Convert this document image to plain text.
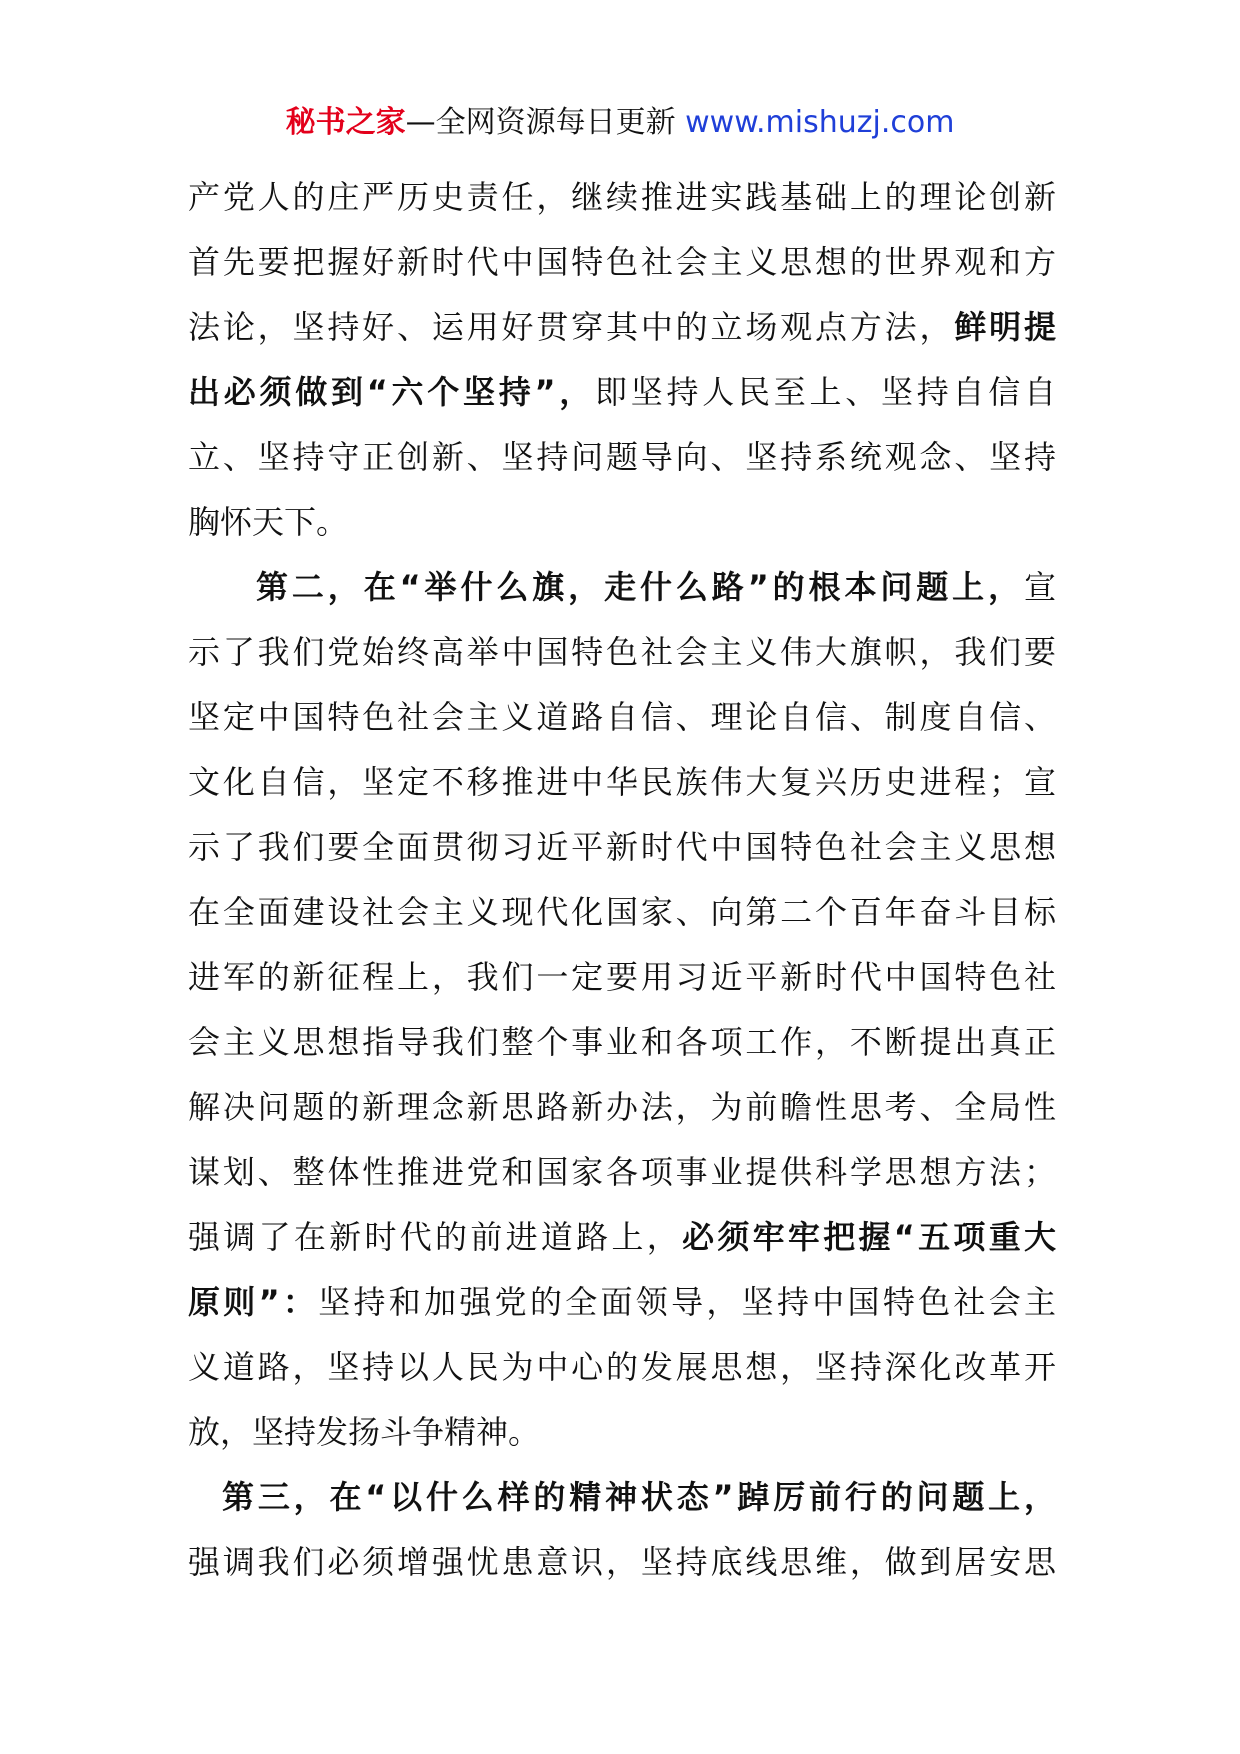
秘书之家—全网资源每日更新 www.mishuzj.com
产党人的庄严历史责任，继续推进实践基础上的理论创新
首先要把握好新时代中国特色社会主义思想的世界观和方
法论，坚持好、运用好贯穿其中的立场观点方法，鲜明提
出必须做到“六个坚持”，即坚持人民至上、坚持自信自
立、坚持守正创新、坚持问题导向、坚持系统观念、坚持
胸怀天下。
第二，在“举什么旗，走什么路”的根本问题上，宣
示了我们党始终高举中国特色社会主义伟大旗帜，我们要
坚定中国特色社会主义道路自信、理论自信、制度自信、
文化自信，坚定不移推进中华民族伟大复兴历史进程；宣
示了我们要全面贯彻习近平新时代中国特色社会主义思想
在全面建设社会主义现代化国家、向第二个百年奋斗目标
进军的新征程上，我们一定要用习近平新时代中国特色社
会主义思想指导我们整个事业和各项工作，不断提出真正
解决问题的新理念新思路新办法，为前瞻性思考、全局性
谋划、整体性推进党和国家各项事业提供科学思想方法；
强调了在新时代的前进道路上，必须牢牢把握“五项重大
原则”：坚持和加强党的全面领导，坚持中国特色社会主
义道路，坚持以人民为中心的发展思想，坚持深化改革开
放，坚持发扬斗争精神。
第三，在“以什么样的精神状态”踔厉前行的问题上，
强调我们必须增强忧患意识，坚持底线思维，做到居安思
